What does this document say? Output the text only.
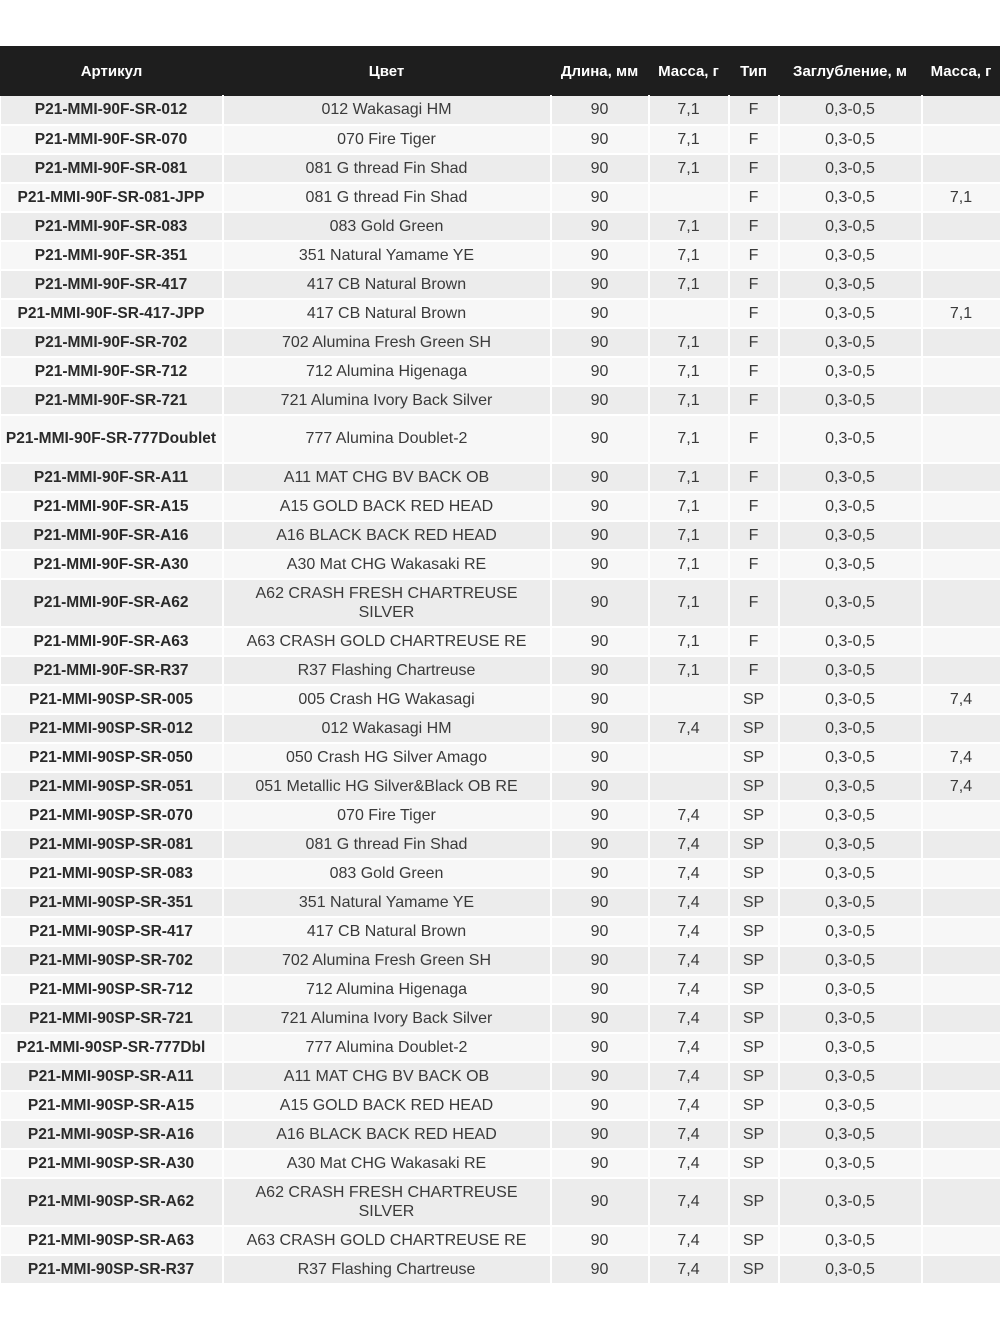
Артикул	Цвет	Длина, мм	Масса, г	Тип	Заглубление, м	Масса, г
P21-MMI-90F-SR-012	012 Wakasagi HM	90	7,1	F	0,3-0,5	
P21-MMI-90F-SR-070	070 Fire Tiger	90	7,1	F	0,3-0,5	
P21-MMI-90F-SR-081	081 G thread Fin Shad	90	7,1	F	0,3-0,5	
P21-MMI-90F-SR-081-JPP	081 G thread Fin Shad	90		F	0,3-0,5	7,1
P21-MMI-90F-SR-083	083 Gold Green	90	7,1	F	0,3-0,5	
P21-MMI-90F-SR-351	351 Natural Yamame YE	90	7,1	F	0,3-0,5	
P21-MMI-90F-SR-417	417 CB Natural Brown	90	7,1	F	0,3-0,5	
P21-MMI-90F-SR-417-JPP	417 CB Natural Brown	90		F	0,3-0,5	7,1
P21-MMI-90F-SR-702	702 Alumina Fresh Green SH	90	7,1	F	0,3-0,5	
P21-MMI-90F-SR-712	712 Alumina Higenaga	90	7,1	F	0,3-0,5	
P21-MMI-90F-SR-721	721 Alumina Ivory Back Silver	90	7,1	F	0,3-0,5	
P21-MMI-90F-SR-777Doublet	777 Alumina Doublet-2	90	7,1	F	0,3-0,5	
P21-MMI-90F-SR-A11	A11 MAT CHG BV BACK OB	90	7,1	F	0,3-0,5	
P21-MMI-90F-SR-A15	A15 GOLD BACK RED HEAD	90	7,1	F	0,3-0,5	
P21-MMI-90F-SR-A16	A16 BLACK BACK RED HEAD	90	7,1	F	0,3-0,5	
P21-MMI-90F-SR-A30	A30 Mat CHG Wakasaki RE	90	7,1	F	0,3-0,5	
P21-MMI-90F-SR-A62	A62 CRASH FRESH CHARTREUSE SILVER	90	7,1	F	0,3-0,5	
P21-MMI-90F-SR-A63	A63 CRASH GOLD CHARTREUSE RE	90	7,1	F	0,3-0,5	
P21-MMI-90F-SR-R37	R37 Flashing Chartreuse	90	7,1	F	0,3-0,5	
P21-MMI-90SP-SR-005	005 Crash HG Wakasagi	90		SP	0,3-0,5	7,4
P21-MMI-90SP-SR-012	012 Wakasagi HM	90	7,4	SP	0,3-0,5	
P21-MMI-90SP-SR-050	050 Crash HG Silver Amago	90		SP	0,3-0,5	7,4
P21-MMI-90SP-SR-051	051 Metallic HG Silver&Black OB RE	90		SP	0,3-0,5	7,4
P21-MMI-90SP-SR-070	070 Fire Tiger	90	7,4	SP	0,3-0,5	
P21-MMI-90SP-SR-081	081 G thread Fin Shad	90	7,4	SP	0,3-0,5	
P21-MMI-90SP-SR-083	083 Gold Green	90	7,4	SP	0,3-0,5	
P21-MMI-90SP-SR-351	351 Natural Yamame YE	90	7,4	SP	0,3-0,5	
P21-MMI-90SP-SR-417	417 CB Natural Brown	90	7,4	SP	0,3-0,5	
P21-MMI-90SP-SR-702	702 Alumina Fresh Green SH	90	7,4	SP	0,3-0,5	
P21-MMI-90SP-SR-712	712 Alumina Higenaga	90	7,4	SP	0,3-0,5	
P21-MMI-90SP-SR-721	721 Alumina Ivory Back Silver	90	7,4	SP	0,3-0,5	
P21-MMI-90SP-SR-777Dbl	777 Alumina Doublet-2	90	7,4	SP	0,3-0,5	
P21-MMI-90SP-SR-A11	A11 MAT CHG BV BACK OB	90	7,4	SP	0,3-0,5	
P21-MMI-90SP-SR-A15	A15 GOLD BACK RED HEAD	90	7,4	SP	0,3-0,5	
P21-MMI-90SP-SR-A16	A16 BLACK BACK RED HEAD	90	7,4	SP	0,3-0,5	
P21-MMI-90SP-SR-A30	A30 Mat CHG Wakasaki RE	90	7,4	SP	0,3-0,5	
P21-MMI-90SP-SR-A62	A62 CRASH FRESH CHARTREUSE SILVER	90	7,4	SP	0,3-0,5	
P21-MMI-90SP-SR-A63	A63 CRASH GOLD CHARTREUSE RE	90	7,4	SP	0,3-0,5	
P21-MMI-90SP-SR-R37	R37 Flashing Chartreuse	90	7,4	SP	0,3-0,5	
